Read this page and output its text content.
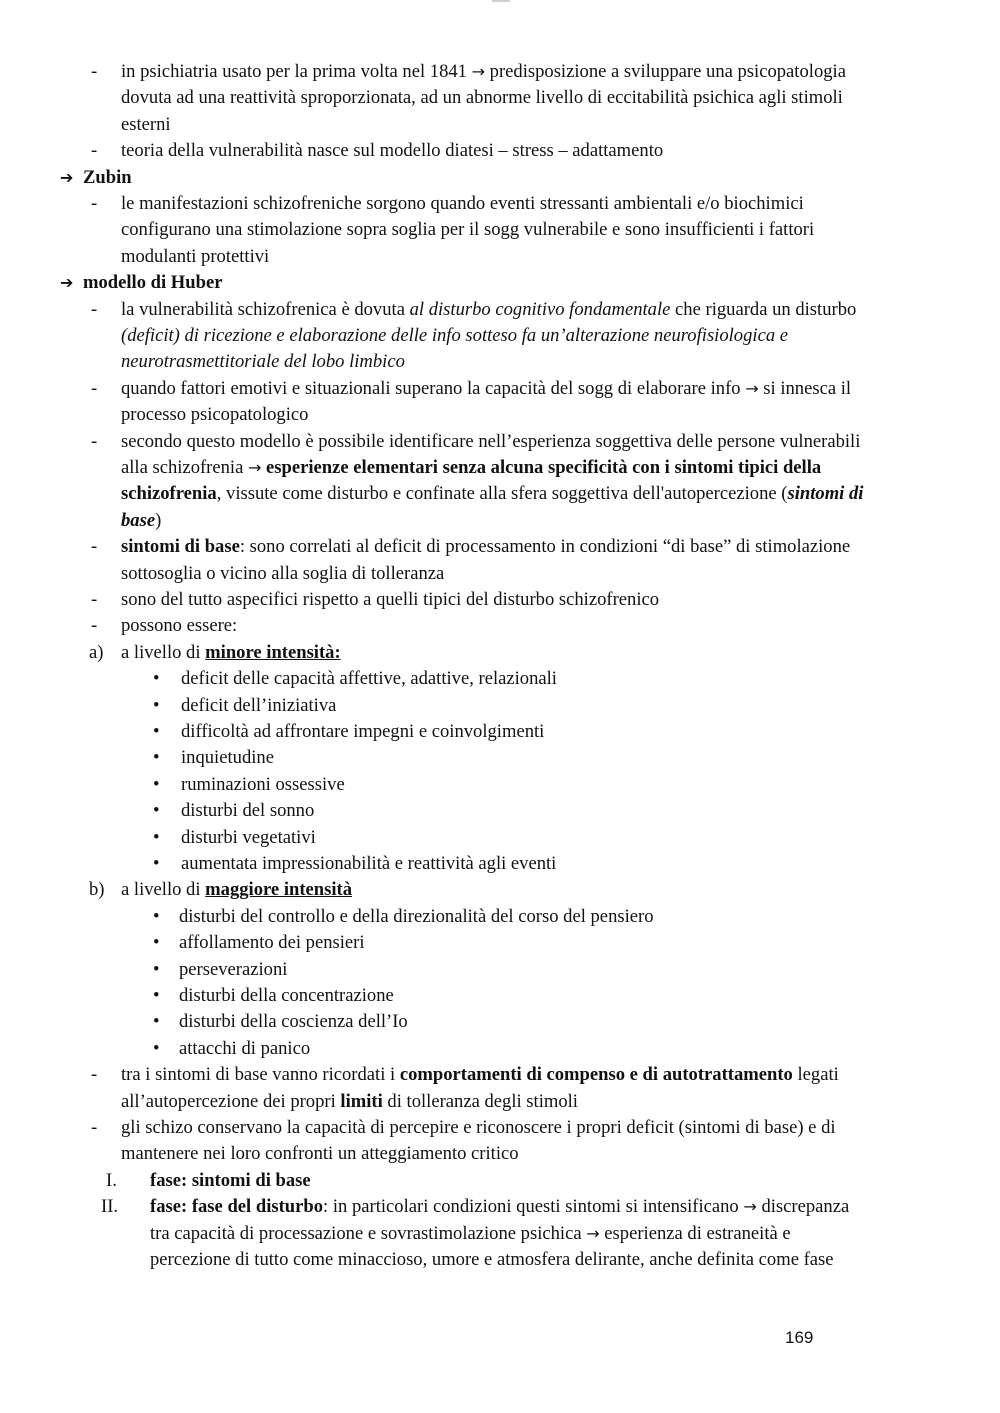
- in psichiatria usato per la prima volta nel 1841 → predisposizione a sviluppare una psicopatologia
dovuta ad una reattività sproporzionata, ad un abnorme livello di eccitabilità psichica agli stimoli
esterni
- teoria della vulnerabilità nasce sul modello diatesi – stress – adattamento
➔ Zubin
- le manifestazioni schizofreniche sorgono quando eventi stressanti ambientali e/o biochimici
configurano una stimolazione sopra soglia per il sogg vulnerabile e sono insufficienti i fattori
modulanti protettivi
➔ modello di Huber
- la vulnerabilità schizofrenica è dovuta al disturbo cognitivo fondamentale che riguarda un disturbo
(deficit) di ricezione e elaborazione delle info sotteso fa un’alterazione neurofisiologica e
neurotrasmettitoriale del lobo limbico
- quando fattori emotivi e situazionali superano la capacità del sogg di elaborare info → si innesca il
processo psicopatologico
- secondo questo modello è possibile identificare nell’esperienza soggettiva delle persone vulnerabili
alla schizofrenia → esperienze elementari senza alcuna specificità con i sintomi tipici della
schizofrenia, vissute come disturbo e confinate alla sfera soggettiva dell'autopercezione (sintomi di
base)
- sintomi di base: sono correlati al deficit di processamento in condizioni “di base” di stimolazione
sottosoglia o vicino alla soglia di tolleranza
- sono del tutto aspecifici rispetto a quelli tipici del disturbo schizofrenico
- possono essere:
a) a livello di minore intensità:
• deficit delle capacità affettive, adattive, relazionali
• deficit dell’iniziativa
• difficoltà ad affrontare impegni e coinvolgimenti
• inquietudine
• ruminazioni ossessive
• disturbi del sonno
• disturbi vegetativi
• aumentata impressionabilità e reattività agli eventi
b) a livello di maggiore intensità
• disturbi del controllo e della direzionalità del corso del pensiero
• affollamento dei pensieri
• perseverazioni
• disturbi della concentrazione
• disturbi della coscienza dell’Io
• attacchi di panico
- tra i sintomi di base vanno ricordati i comportamenti di compenso e di autotrattamento legati
all’autopercezione dei propri limiti di tolleranza degli stimoli
- gli schizo conservano la capacità di percepire e riconoscere i propri deficit (sintomi di base) e di
mantenere nei loro confronti un atteggiamento critico
I. fase: sintomi di base
II. fase: fase del disturbo: in particolari condizioni questi sintomi si intensificano → discrepanza
tra capacità di processazione e sovrastimolazione psichica → esperienza di estraneità e
percezione di tutto come minaccioso, umore e atmosfera delirante, anche definita come fase
169
